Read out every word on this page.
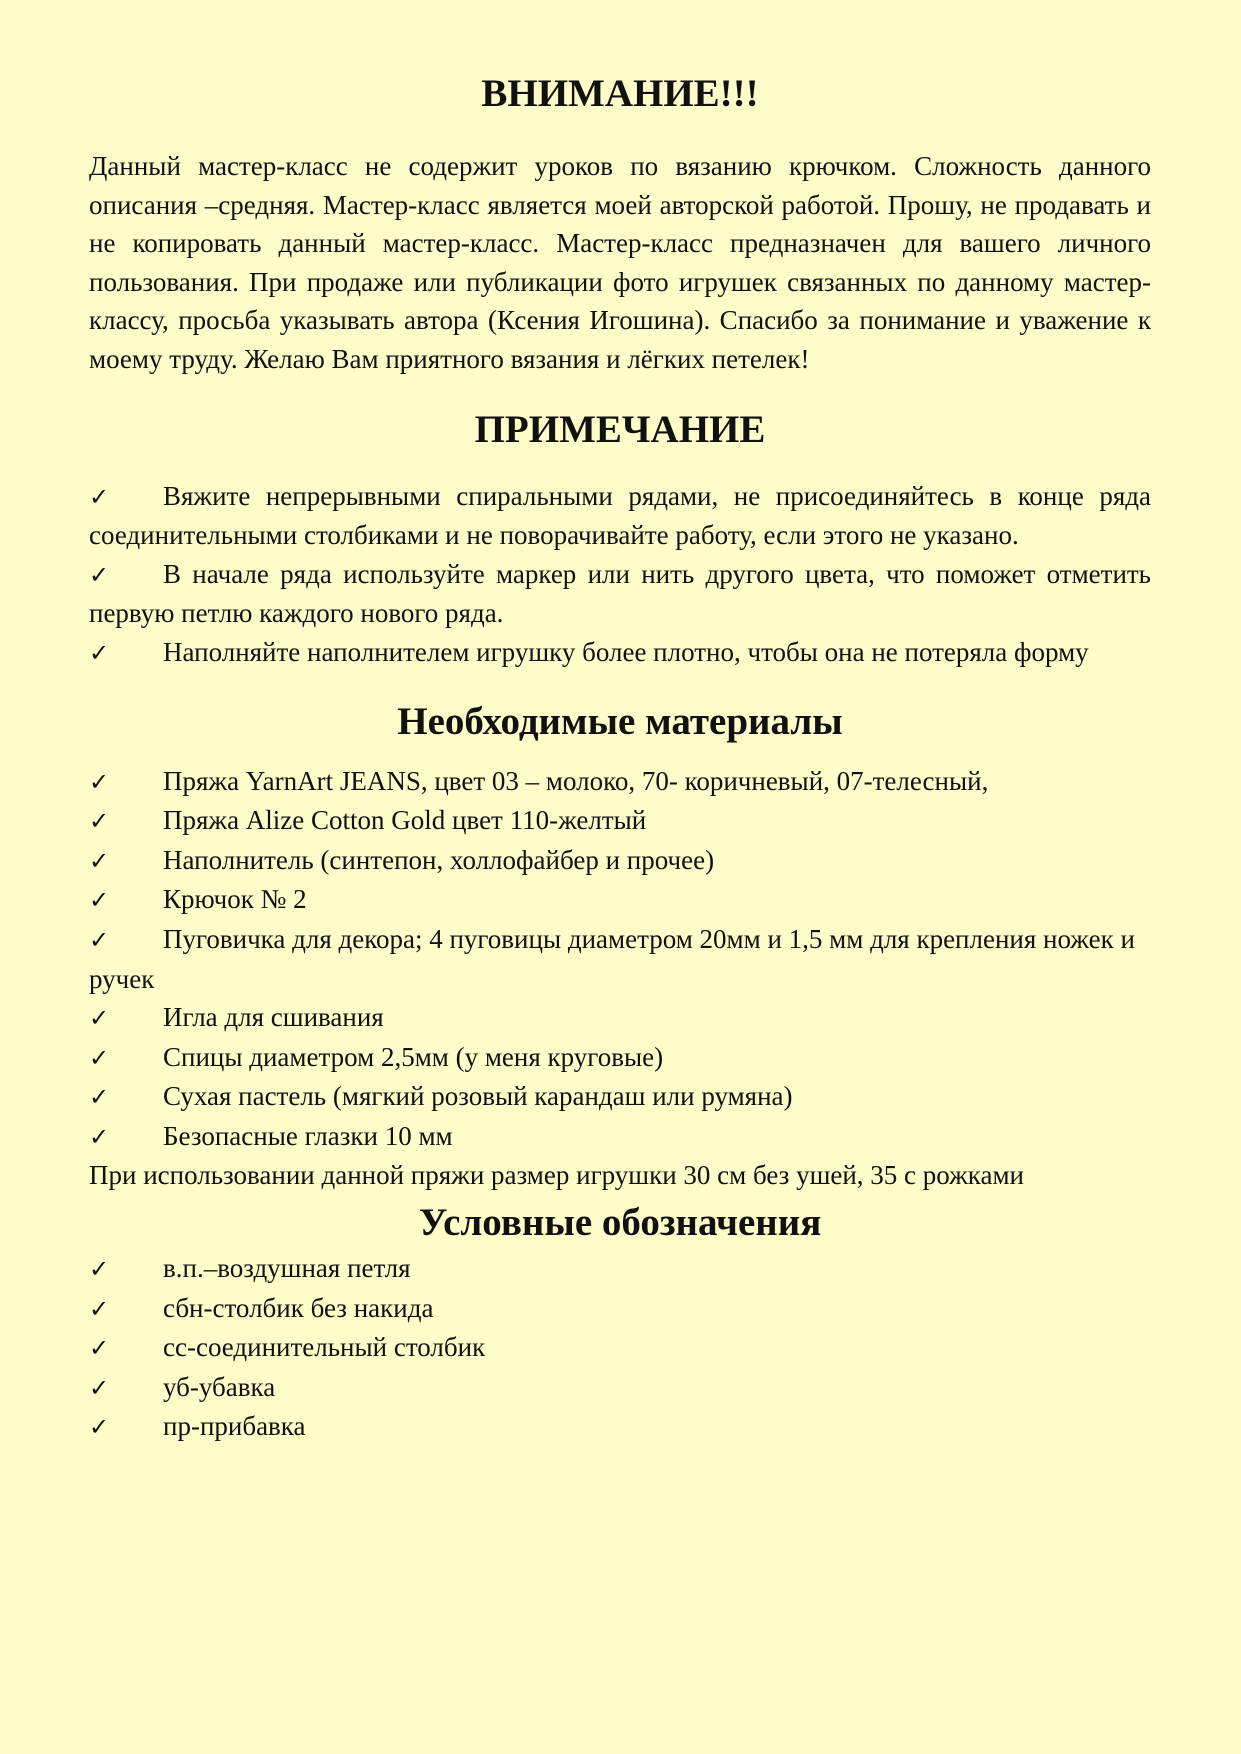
ВНИМАНИЕ!!!

Данный мастер-класс не содержит уроков по вязанию крючком. Сложность данного описания –средняя. Мастер-класс является моей авторской работой. Прошу, не продавать и не копировать данный мастер-класс. Мастер-класс предназначен для вашего личного пользования. При продаже или публикации фото игрушек связанных по данному мастер-классу, просьба указывать автора (Ксения Игошина). Спасибо за понимание и уважение к моему труду. Желаю Вам приятного вязания и лёгких петелек!

ПРИМЕЧАНИЕ

✓ Вяжите непрерывными спиральными рядами, не присоединяйтесь в конце ряда соединительными столбиками и не поворачивайте работу, если этого не указано.

✓ В начале ряда используйте маркер или нить другого цвета, что поможет отметить первую петлю каждого нового ряда.

✓ Наполняйте наполнителем игрушку более плотно, чтобы она не потеряла форму

Необходимые материалы

✓ Пряжа YarnArt JEANS, цвет 03 – молоко, 70- коричневый, 07-телесный,

✓ Пряжа Alize Cotton Gold цвет 110-желтый

✓ Наполнитель (синтепон, холлофайбер и прочее)

✓ Крючок № 2

✓ Пуговичка для декора; 4 пуговицы диаметром 20мм и 1,5 мм для крепления ножек и ручек

✓ Игла для сшивания

✓ Спицы диаметром 2,5мм (у меня круговые)

✓ Сухая пастель (мягкий розовый карандаш или румяна)

✓ Безопасные глазки 10 мм

При использовании данной пряжи размер игрушки 30 см без ушей, 35 с рожками

Условные обозначения

✓ в.п.–воздушная петля

✓ сбн-столбик без накида

✓ сс-соединительный столбик

✓ уб-убавка

✓ пр-прибавка
